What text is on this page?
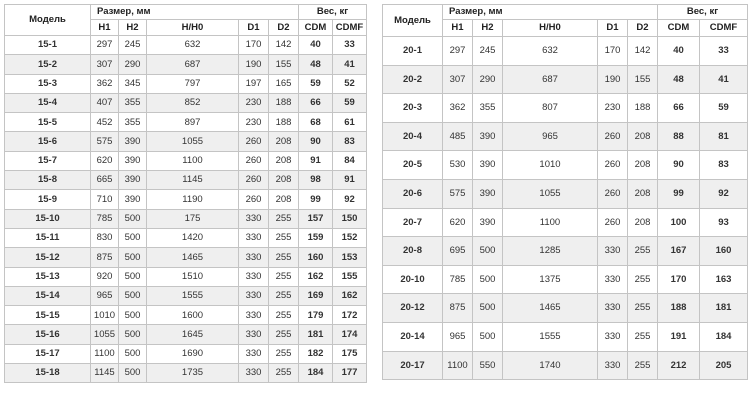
Модель	Размер, мм					Вес, кг	
	H1	H2	H/H0	D1	D2	CDM	CDMF
15-1	297	245	632	170	142	40	33
15-2	307	290	687	190	155	48	41
15-3	362	345	797	197	165	59	52
15-4	407	355	852	230	188	66	59
15-5	452	355	897	230	188	68	61
15-6	575	390	1055	260	208	90	83
15-7	620	390	1100	260	208	91	84
15-8	665	390	1145	260	208	98	91
15-9	710	390	1190	260	208	99	92
15-10	785	500	175	330	255	157	150
15-11	830	500	1420	330	255	159	152
15-12	875	500	1465	330	255	160	153
15-13	920	500	1510	330	255	162	155
15-14	965	500	1555	330	255	169	162
15-15	1010	500	1600	330	255	179	172
15-16	1055	500	1645	330	255	181	174
15-17	1100	500	1690	330	255	182	175
15-18	1145	500	1735	330	255	184	177
Модель	Размер, мм					Вес, кг	
	H1	H2	H/H0	D1	D2	CDM	CDMF
20-1	297	245	632	170	142	40	33
20-2	307	290	687	190	155	48	41
20-3	362	355	807	230	188	66	59
20-4	485	390	965	260	208	88	81
20-5	530	390	1010	260	208	90	83
20-6	575	390	1055	260	208	99	92
20-7	620	390	1100	260	208	100	93
20-8	695	500	1285	330	255	167	160
20-10	785	500	1375	330	255	170	163
20-12	875	500	1465	330	255	188	181
20-14	965	500	1555	330	255	191	184
20-17	1100	550	1740	330	255	212	205
